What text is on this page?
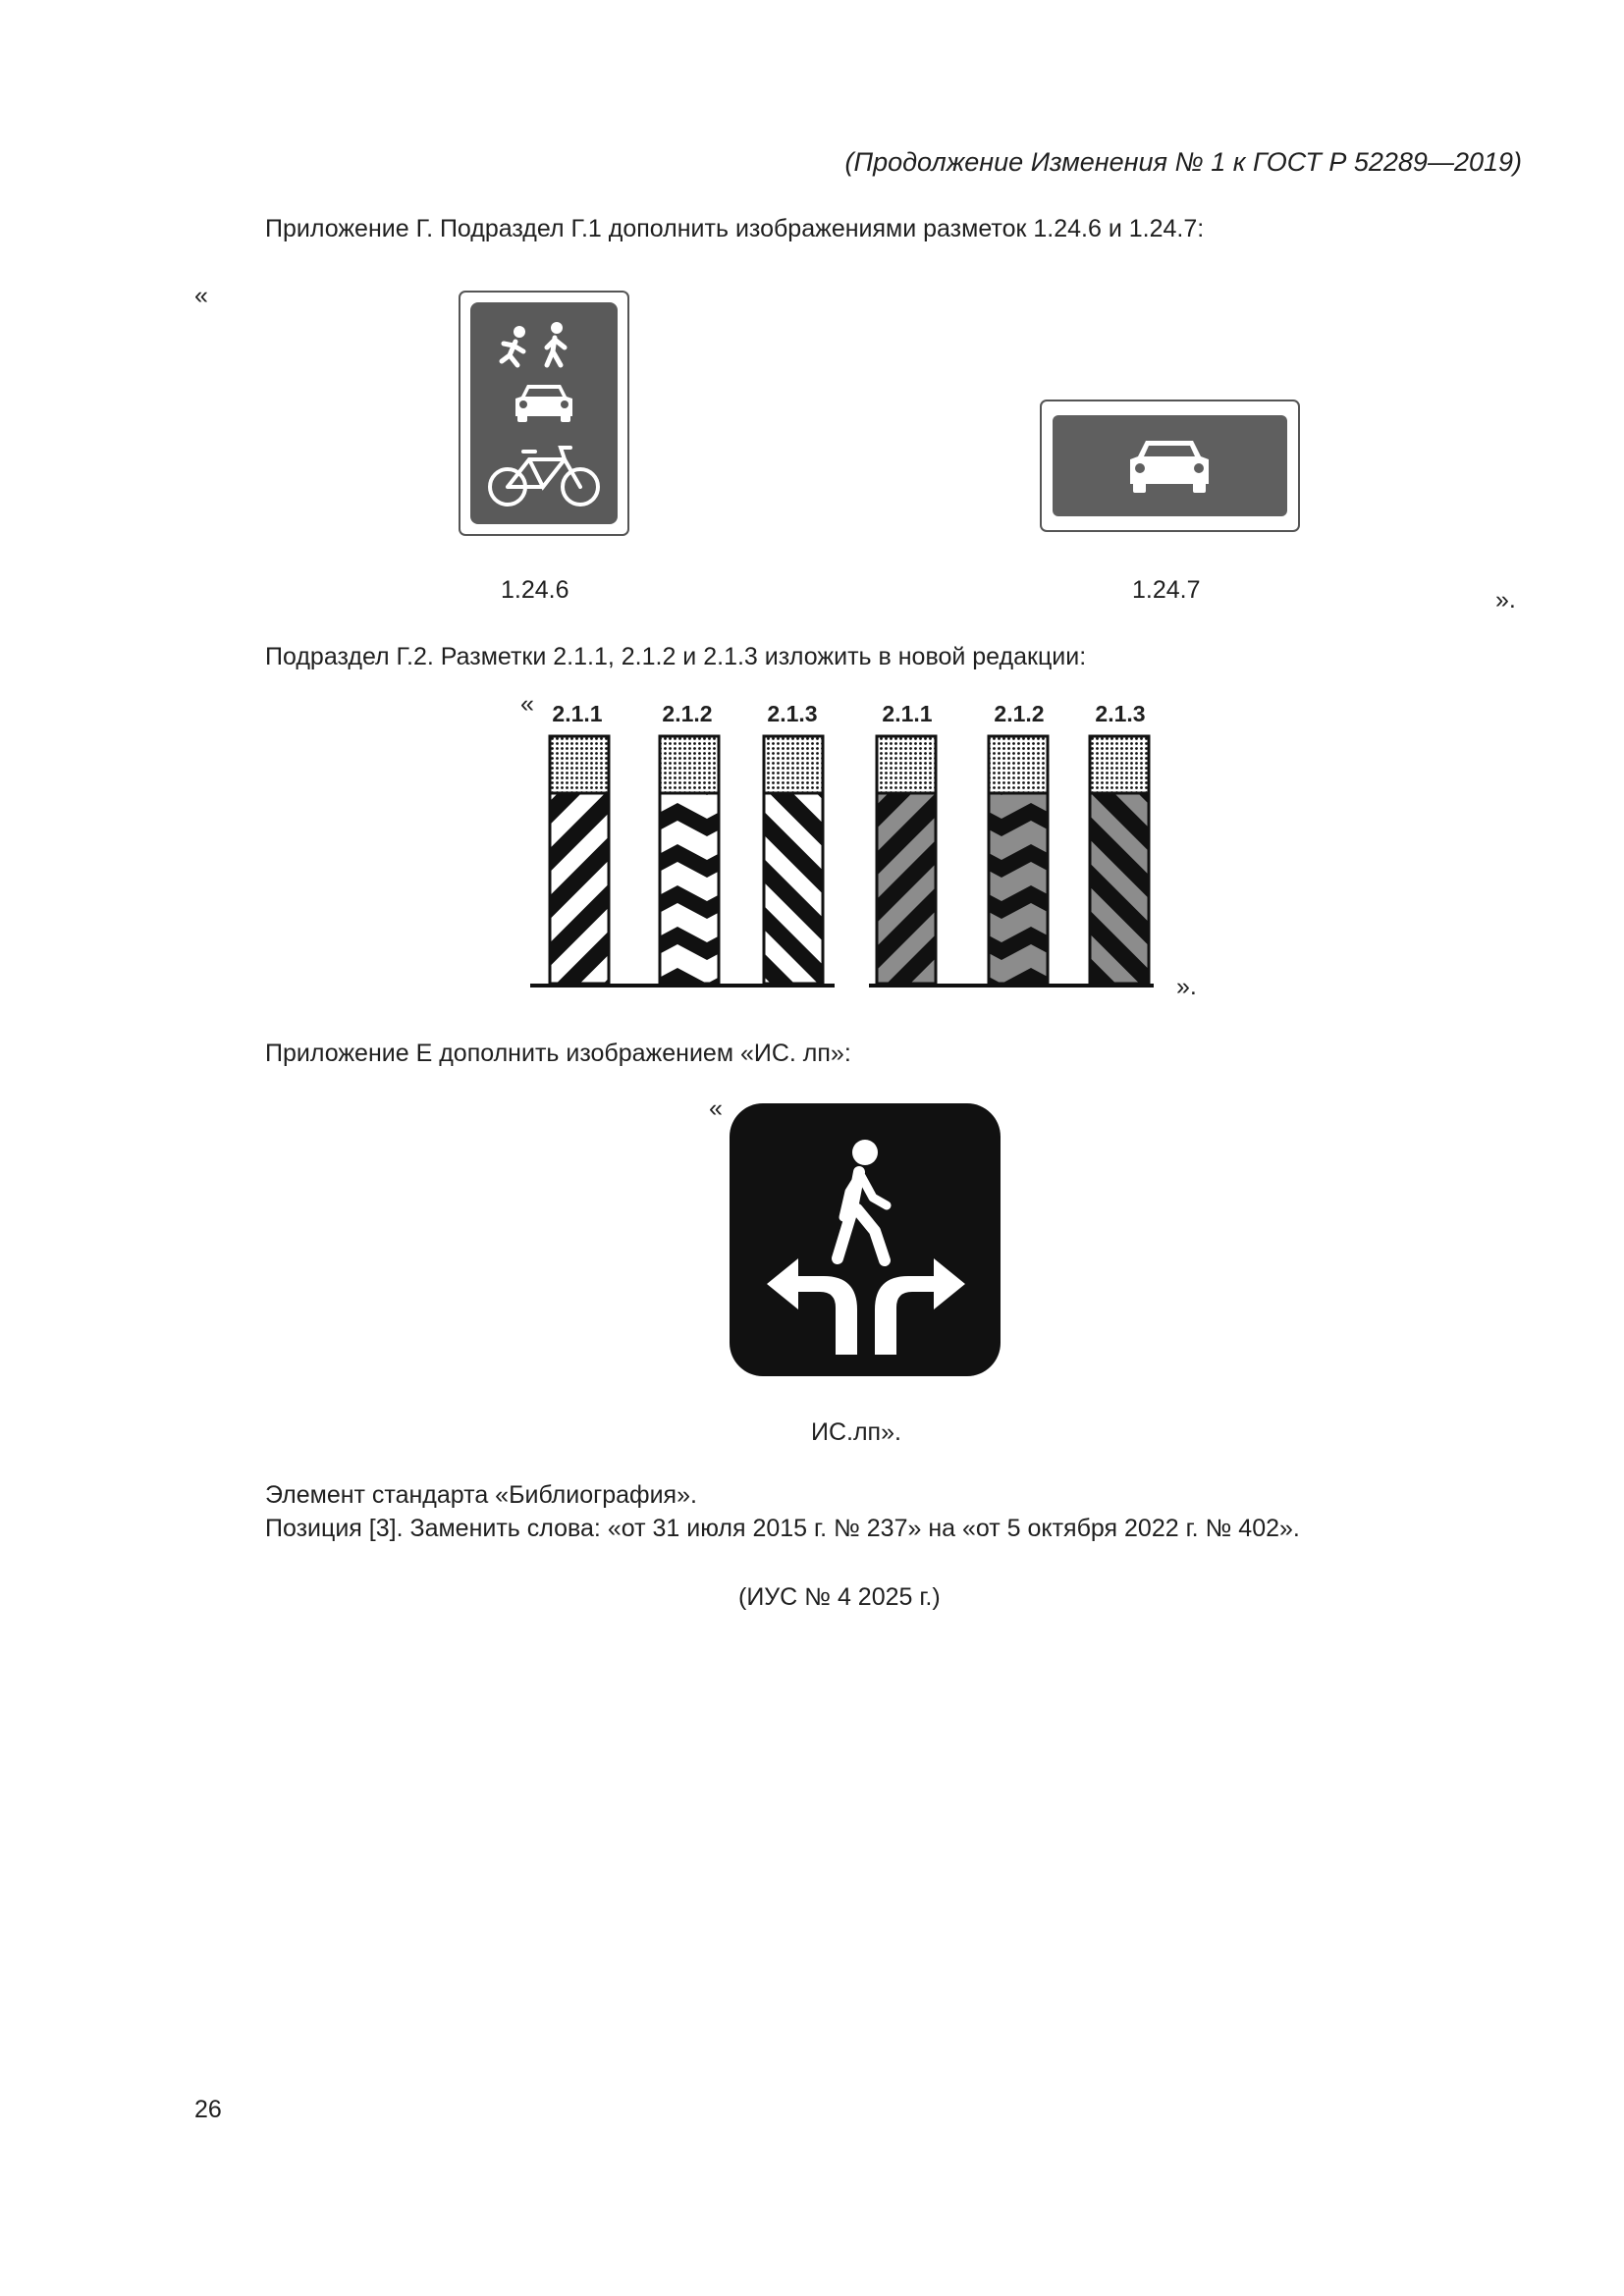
(Продолжение Изменения № 1 к ГОСТ Р 52289—2019)
Приложение Г. Подраздел Г.1 дополнить изображениями разметок 1.24.6 и 1.24.7:
«
1.24.6	1.24.7	».
Подраздел Г.2. Разметки 2.1.1, 2.1.2 и 2.1.3 изложить в новой редакции:
« 2.1.1	2.1.2	2.1.3	2.1.1	2.1.2	2.1.3
».
Приложение Е дополнить изображением «ИС. лп»:
«
ИС.лп».
Элемент стандарта «Библиография».
Позиция [3]. Заменить слова: «от 31 июля 2015 г. № 237» на «от 5 октября 2022 г. № 402».
(ИУС № 4 2025 г.)
26
